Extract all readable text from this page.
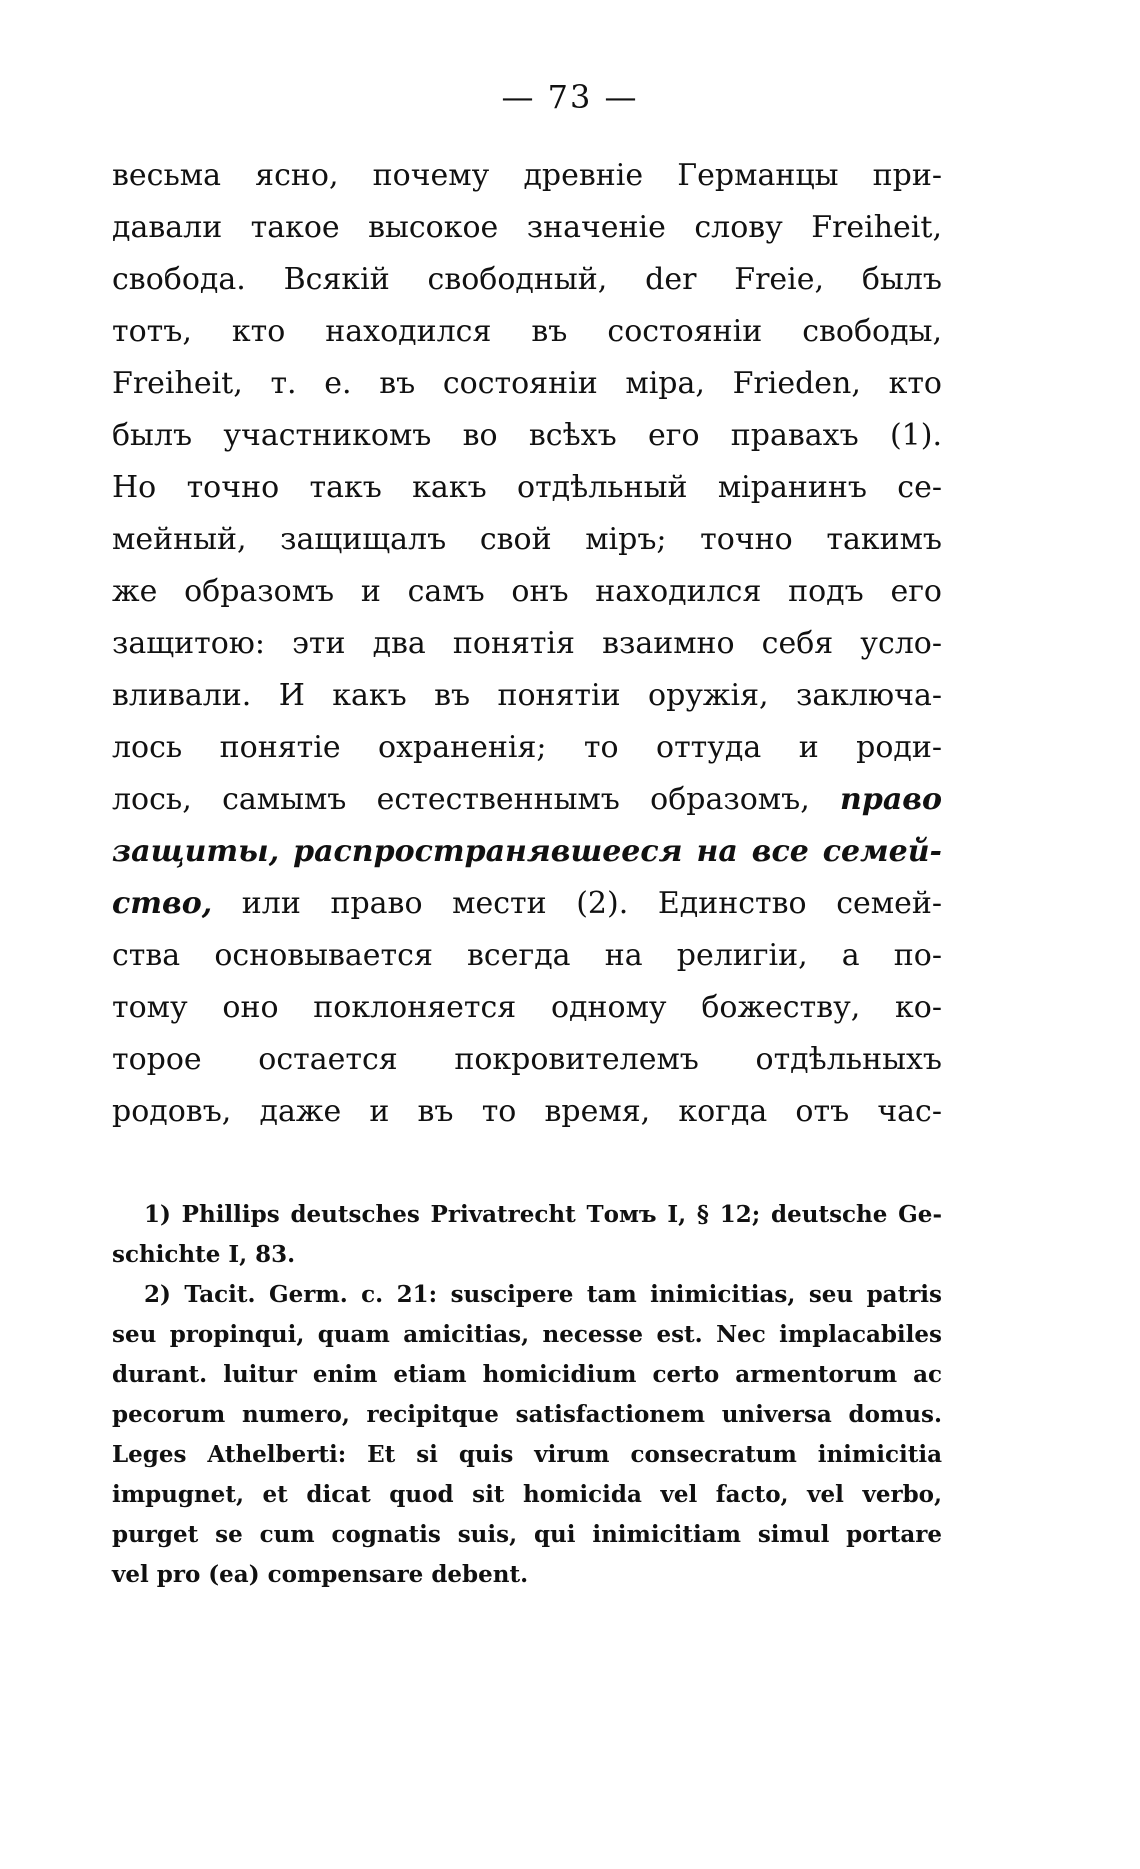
— 73 —
весьма ясно, почему древніе Германцы при-
давали такое высокое значеніе слову Freiheit,
свобода. Всякій свободный, der Freie, былъ
тотъ, кто находился въ состояніи свободы,
Freiheit, т. е. въ состояніи міра, Frieden, кто
былъ участникомъ во всѣхъ его правахъ (1).
Но точно такъ какъ отдѣльный міранинъ се-
мейный, защищалъ свой міръ; точно такимъ
же образомъ и самъ онъ находился подъ его
защитою: эти два понятія взаимно себя усло-
вливали. И какъ въ понятіи оружія, заключа-
лось понятіе охраненія; то оттуда и роди-
лось, самымъ естественнымъ образомъ, право
защиты, распространявшееся на все семей-
ство, или право мести (2). Единство семей-
ства основывается всегда на религіи, а по-
тому оно поклоняется одному божеству, ко-
торое остается покровителемъ отдѣльныхъ
родовъ, даже и въ то время, когда отъ час-
1) Phillips deutsches Privatrecht Томъ I, § 12; deutsche Ge-
schichte I, 83.
2) Tacit. Germ. c. 21: suscipere tam inimicitias, seu patris
seu propinqui, quam amicitias, necesse est. Nec implacabiles
durant. luitur enim etiam homicidium certo armentorum ac
pecorum numero, recipitque satisfactionem universa domus.
Leges Athelberti: Et si quis virum consecratum inimicitia
impugnet, et dicat quod sit homicida vel facto, vel verbo,
purget se cum cognatis suis, qui inimicitiam simul portare
vel pro (ea) compensare debent.
